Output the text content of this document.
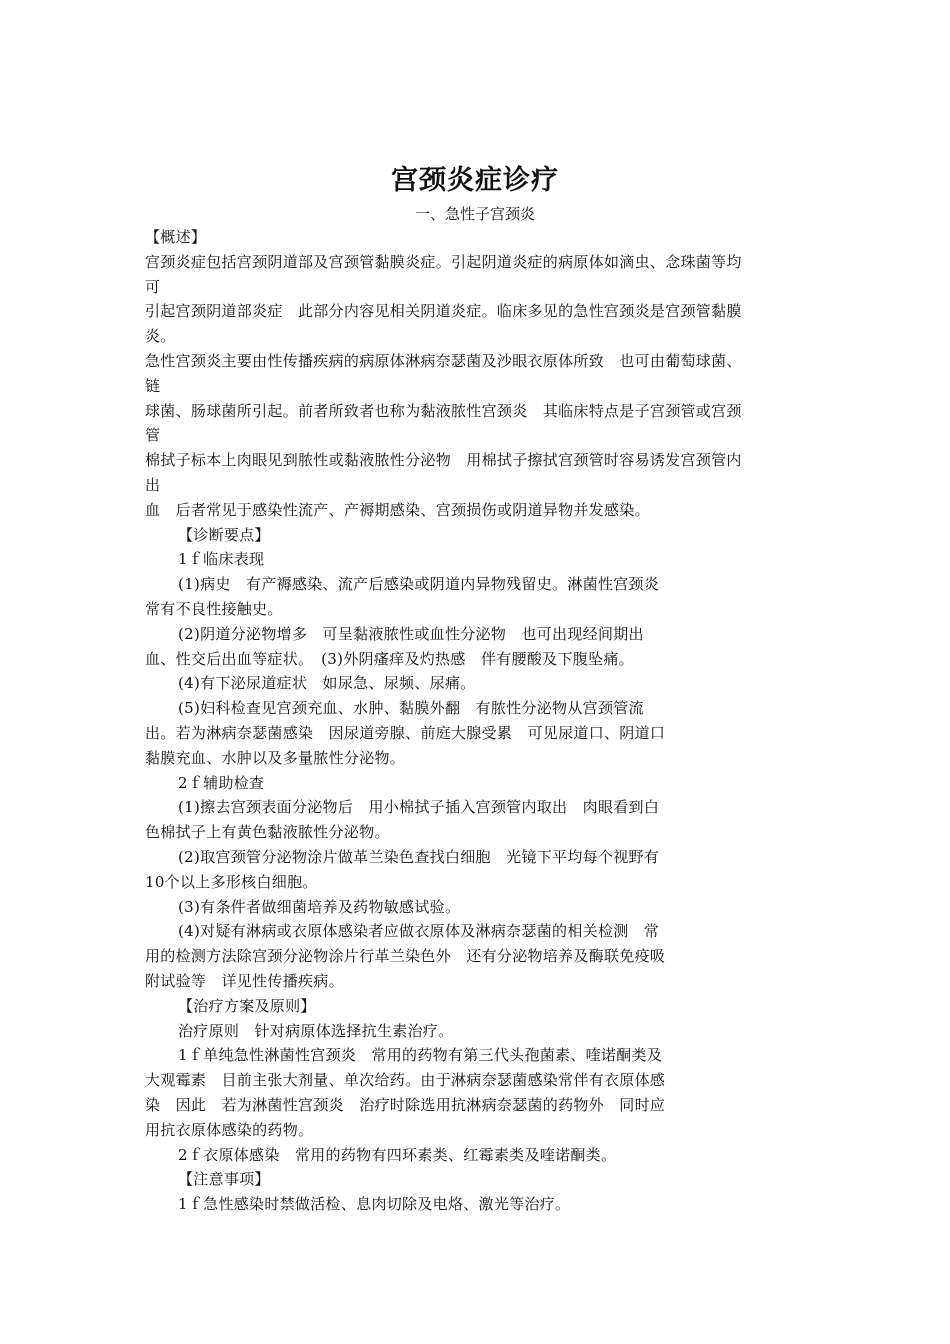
宫颈炎症诊疗
一、急性子宫颈炎
【概述】
宫颈炎症包括宫颈阴道部及宫颈管黏膜炎症。引起阴道炎症的病原体如滴虫、念珠菌等均
可
引起宫颈阴道部炎症　此部分内容见相关阴道炎症。临床多见的急性宫颈炎是宫颈管黏膜
炎。
急性宫颈炎主要由性传播疾病的病原体淋病奈瑟菌及沙眼衣原体所致　也可由葡萄球菌、
链
球菌、肠球菌所引起。前者所致者也称为黏液脓性宫颈炎　其临床特点是子宫颈管或宫颈
管
棉拭子标本上肉眼见到脓性或黏液脓性分泌物　用棉拭子擦拭宫颈管时容易诱发宫颈管内
出
血　后者常见于感染性流产、产褥期感染、宫颈损伤或阴道异物并发感染。
【诊断要点】
1ｆ临床表现
(1)病史　有产褥感染、流产后感染或阴道内异物残留史。淋菌性宫颈炎
常有不良性接触史。
(2)阴道分泌物增多　可呈黏液脓性或血性分泌物　也可出现经间期出
血、性交后出血等症状。　(3)外阴瘙痒及灼热感　伴有腰酸及下腹坠痛。
(4)有下泌尿道症状　如尿急、尿频、尿痛。
(5)妇科检查见宫颈充血、水肿、黏膜外翻　有脓性分泌物从宫颈管流
出。若为淋病奈瑟菌感染　因尿道旁腺、前庭大腺受累　可见尿道口、阴道口
黏膜充血、水肿以及多量脓性分泌物。
2ｆ辅助检查
(1)擦去宫颈表面分泌物后　用小棉拭子插入宫颈管内取出　肉眼看到白
色棉拭子上有黄色黏液脓性分泌物。
(2)取宫颈管分泌物涂片做革兰染色查找白细胞　光镜下平均每个视野有
10个以上多形核白细胞。
(3)有条件者做细菌培养及药物敏感试验。
(4)对疑有淋病或衣原体感染者应做衣原体及淋病奈瑟菌的相关检测　常
用的检测方法除宫颈分泌物涂片行革兰染色外　还有分泌物培养及酶联免疫吸
附试验等　详见性传播疾病。
【治疗方案及原则】
治疗原则　针对病原体选择抗生素治疗。
1ｆ单纯急性淋菌性宫颈炎　常用的药物有第三代头孢菌素、喹诺酮类及
大观霉素　目前主张大剂量、单次给药。由于淋病奈瑟菌感染常伴有衣原体感
染　因此　若为淋菌性宫颈炎　治疗时除选用抗淋病奈瑟菌的药物外　同时应
用抗衣原体感染的药物。
2ｆ衣原体感染　常用的药物有四环素类、红霉素类及喹诺酮类。
【注意事项】
1ｆ急性感染时禁做活检、息肉切除及电烙、激光等治疗。
